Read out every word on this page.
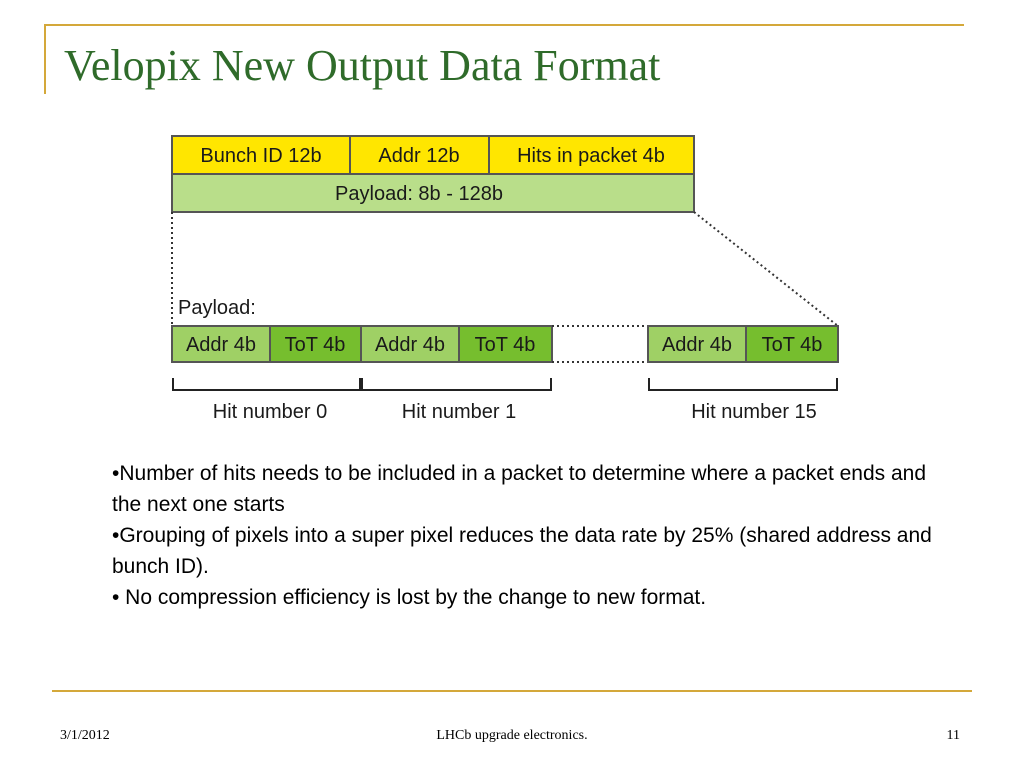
Velopix New Output Data Format
Bunch ID 12b	Addr 12b	Hits in packet 4b
Payload: 8b - 128b
Payload:
Addr 4b ToT 4b Addr 4b ToT 4b	Addr 4b ToT 4b
Hit number 0	Hit number 1	Hit number 15

•Number of hits needs to be included in a packet to determine where a packet ends and the next one starts

•Grouping of pixels into a super pixel reduces the data rate by 25% (shared address and bunch ID).

• No compression efficiency is lost by the change to new format.

3/1/2012	LHCb upgrade electronics.	11
